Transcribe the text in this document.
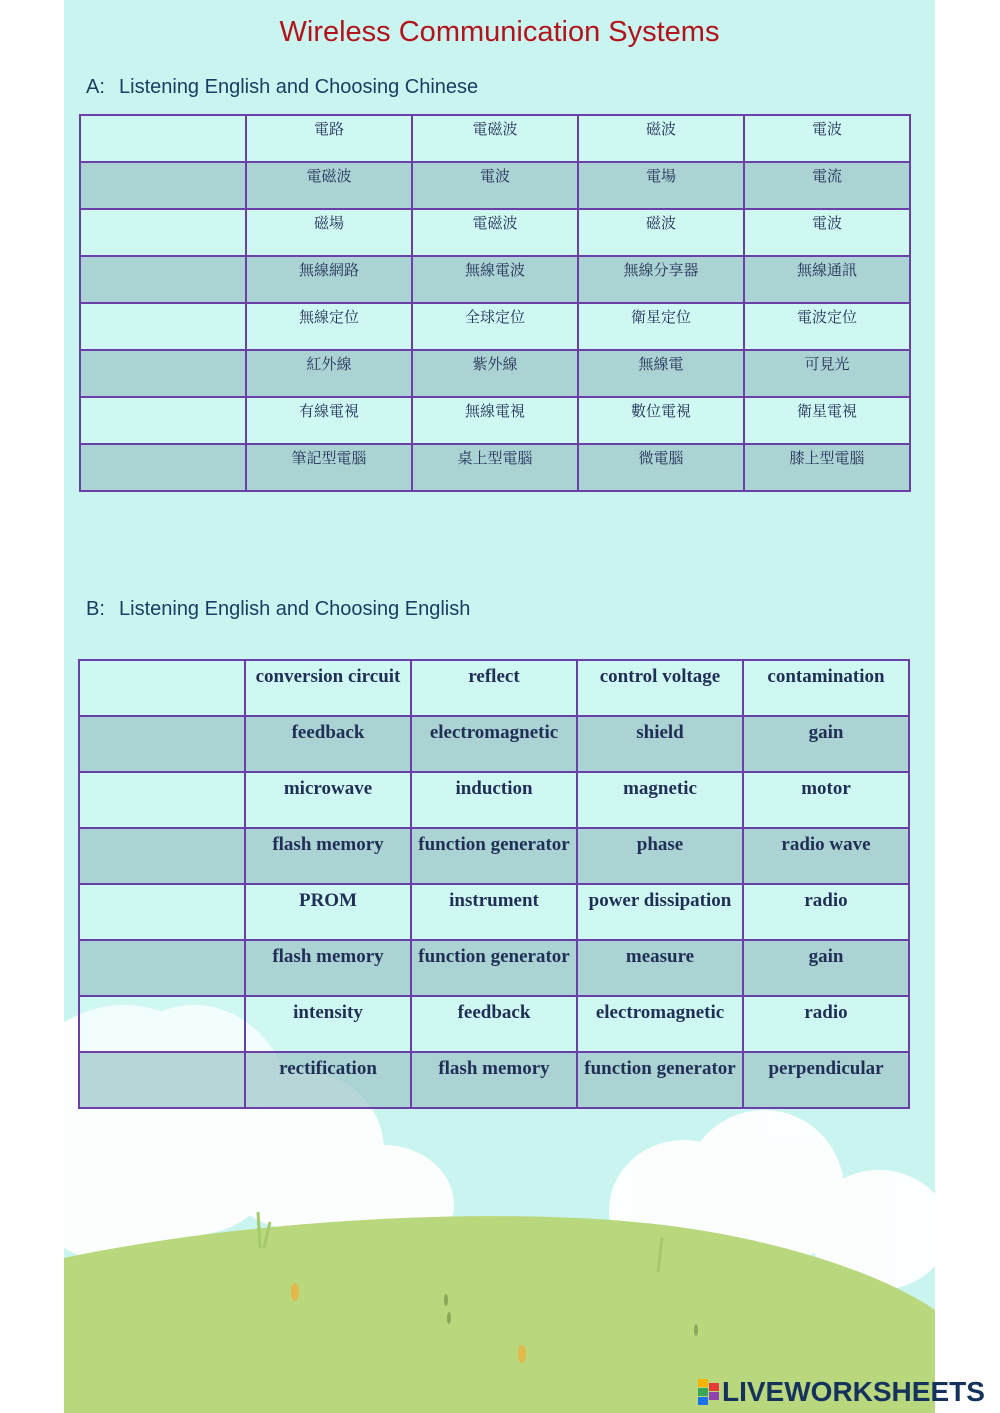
Wireless Communication Systems
A: Listening English and Choosing Chinese
	電路	電磁波	磁波	電波
	電磁波	電波	電場	電流
	磁場	電磁波	磁波	電波
	無線網路	無線電波	無線分享器	無線通訊
	無線定位	全球定位	衛星定位	電波定位
	紅外線	紫外線	無線電	可見光
	有線電視	無線電視	數位電視	衛星電視
	筆記型電腦	桌上型電腦	微電腦	膝上型電腦
B: Listening English and Choosing English
	conversion circuit	reflect	control voltage	contamination
	feedback	electromagnetic	shield	gain
	microwave	induction	magnetic	motor
	flash memory	function generator	phase	radio wave
	PROM	instrument	power dissipation	radio
	flash memory	function generator	measure	gain
	intensity	feedback	electromagnetic	radio
	rectification	flash memory	function generator	perpendicular
LIVEWORKSHEETS
